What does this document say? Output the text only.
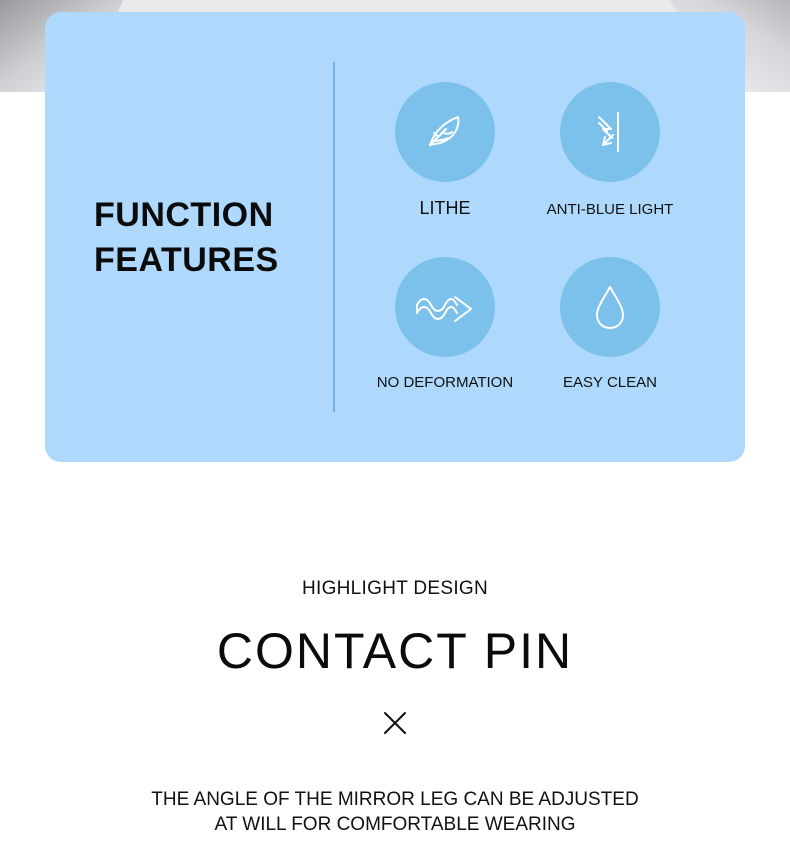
FUNCTION
FEATURES
LITHE	ANTI-BLUE LIGHT
NO DEFORMATION	EASY CLEAN
HIGHLIGHT DESIGN
CONTACT PIN
THE ANGLE OF THE MIRROR LEG CAN BE ADJUSTED
AT WILL FOR COMFORTABLE WEARING
